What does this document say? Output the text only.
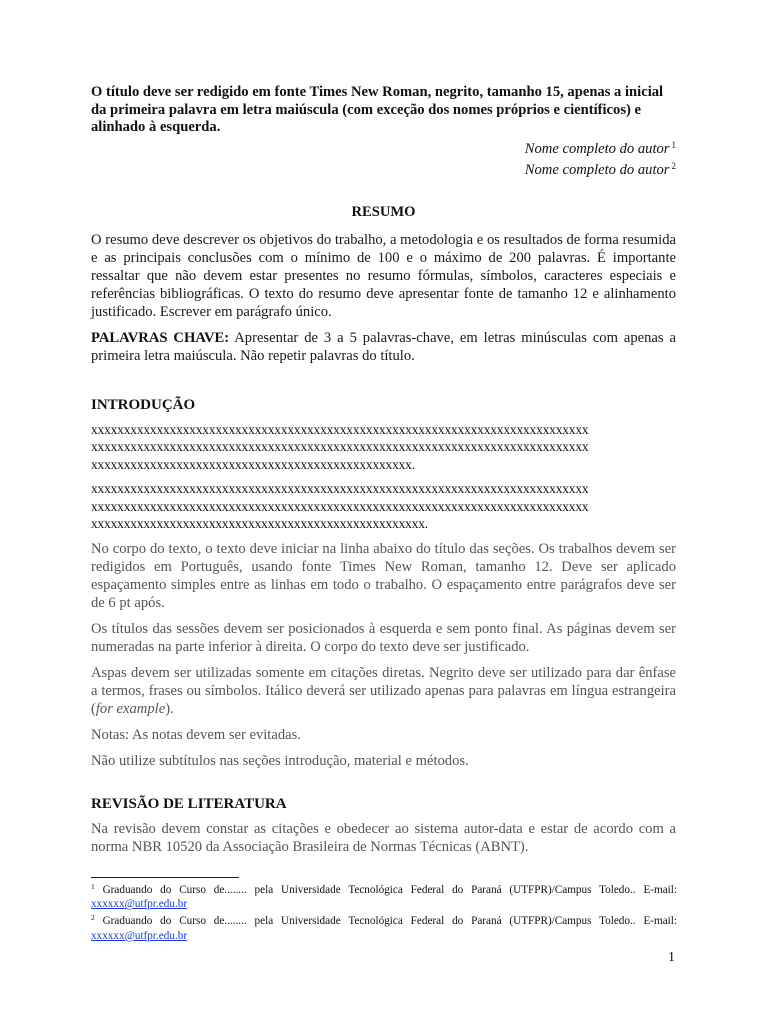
O título deve ser redigido em fonte Times New Roman, negrito, tamanho 15, apenas a inicial da primeira palavra em letra maiúscula (com exceção dos nomes próprios e científicos) e alinhado à esquerda.

Nome completo do autor $^1$

Nome completo do autor $^2$

RESUMO

O resumo deve descrever os objetivos do trabalho, a metodologia e os resultados de forma resumida e as principais conclusões com o mínimo de 100 e o máximo de 200 palavras. É importante ressaltar que não devem estar presentes no resumo fórmulas, símbolos, caracteres especiais e referências bibliográficas. O texto do resumo deve apresentar fonte de tamanho 12 e alinhamento justificado. Escrever em parágrafo único.

PALAVRAS CHAVE: Apresentar de 3 a 5 palavras-chave, em letras minúsculas com apenas a primeira letra maiúscula. Não repetir palavras do título.

INTRODUÇÃO

xxxxxxxxxxxxxxxxxxxxxxxxxxxxxxxxxxxxxxxxxxxxxxxxxxxxxxxxxxxxxxxxxxxxxxxxxxxx

xxxxxxxxxxxxxxxxxxxxxxxxxxxxxxxxxxxxxxxxxxxxxxxxxxxxxxxxxxxxxxxxxxxxxxxxxxxx

xxxxxxxxxxxxxxxxxxxxxxxxxxxxxxxxxxxxxxxxxxxxxxxxx.

xxxxxxxxxxxxxxxxxxxxxxxxxxxxxxxxxxxxxxxxxxxxxxxxxxxxxxxxxxxxxxxxxxxxxxxxxxxx

xxxxxxxxxxxxxxxxxxxxxxxxxxxxxxxxxxxxxxxxxxxxxxxxxxxxxxxxxxxxxxxxxxxxxxxxxxxx

xxxxxxxxxxxxxxxxxxxxxxxxxxxxxxxxxxxxxxxxxxxxxxxxxxx.

No corpo do texto, o texto deve iniciar na linha abaixo do título das seções. Os trabalhos devem ser redigidos em Português, usando fonte Times New Roman, tamanho 12. Deve ser aplicado espaçamento simples entre as linhas em todo o trabalho. O espaçamento entre parágrafos deve ser de 6 pt após.

Os títulos das sessões devem ser posicionados à esquerda e sem ponto final. As páginas devem ser numeradas na parte inferior à direita. O corpo do texto deve ser justificado.

Aspas devem ser utilizadas somente em citações diretas. Negrito deve ser utilizado para dar ênfase a termos, frases ou símbolos. Itálico deverá ser utilizado apenas para palavras em língua estrangeira (for example).

Notas: As notas devem ser evitadas.

Não utilize subtítulos nas seções introdução, material e métodos.

REVISÃO DE LITERATURA

Na revisão devem constar as citações e obedecer ao sistema autor-data e estar de acordo com a norma NBR 10520 da Associação Brasileira de Normas Técnicas (ABNT).

$^1$ Graduando do Curso de........ pela Universidade Tecnológica Federal do Paraná (UTFPR)/Campus Toledo.. E-mail: xxxxxx@utfpr.edu.br

$^2$ Graduando do Curso de........ pela Universidade Tecnológica Federal do Paraná (UTFPR)/Campus Toledo.. E-mail: xxxxxx@utfpr.edu.br

1
